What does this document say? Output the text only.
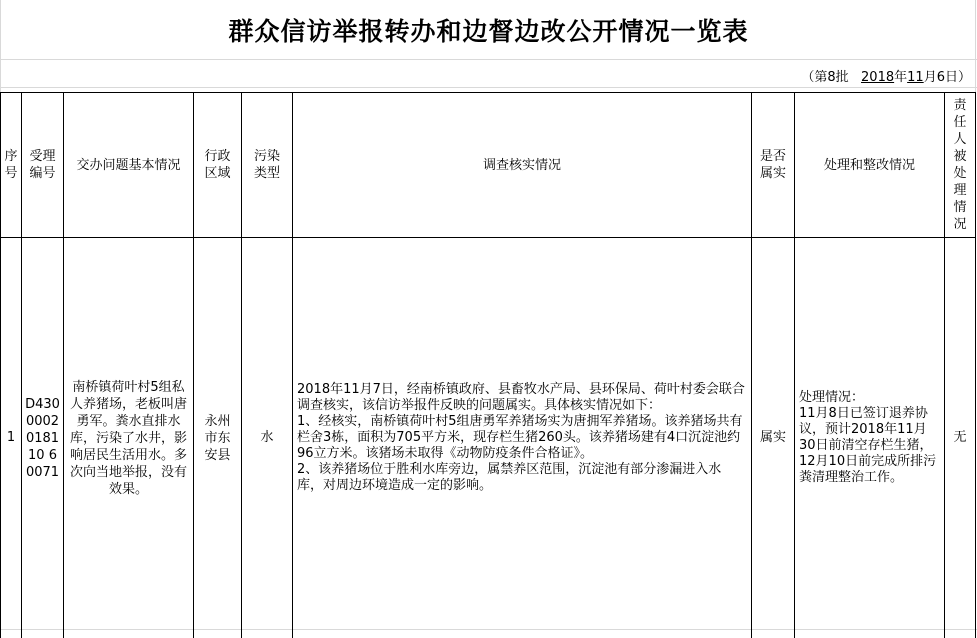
群众信访举报转办和边督边改公开情况一览表
（第8批 2018年11月6日）
序号
受理编号
交办问题基本情况
行政区域
污染类型
调查核实情况
是否属实
处理和整改情况
责任人被处理情况
1
D4300002018110 60071
南桥镇荷叶村5组私人养猪场，老板叫唐勇军。粪水直排水库，污染了水井，影响居民生活用水。多次向当地举报，没有效果。
永州市东安县
水
2018年11月7日，经南桥镇政府、县畜牧水产局、县环保局、荷叶村委会联合调查核实，该信访举报件反映的问题属实。具体核实情况如下：
1、经核实，南桥镇荷叶村5组唐勇军养猪场实为唐拥军养猪场。该养猪场共有栏舍3栋，面积为705平方米，现存栏生猪260头。该养猪场建有4口沉淀池约96立方米。该猪场未取得《动物防疫条件合格证》。
2、该养猪场位于胜利水库旁边，属禁养区范围，沉淀池有部分渗漏进入水库，对周边环境造成一定的影响。
属实
处理情况：
11月8日已签订退养协议，预计2018年11月30日前清空存栏生猪，12月10日前完成所排污粪清理整治工作。
无
